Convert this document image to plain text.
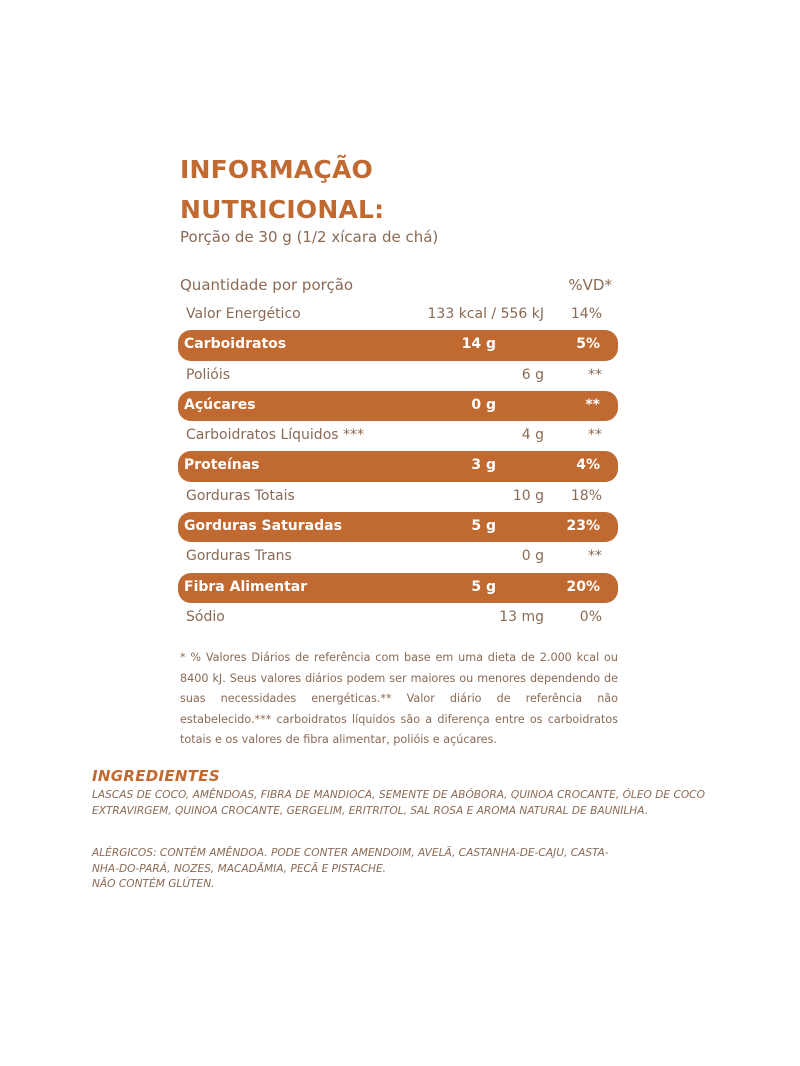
INFORMAÇÃO
NUTRICIONAL:
Porção de 30 g (1/2 xícara de chá)
Quantidade por porção	%VD*
Valor Energético	133 kcal / 556 kJ 14%
Carboidratos	14 g	5%
Polióis	6 g	**
Açúcares	0 g	**
Carboidratos Líquidos ***	4 g	**
Proteínas	3 g	4%
Gorduras Totais	10 g 18%
Gorduras Saturadas	5 g	23%
Gorduras Trans	0 g	**
Fibra Alimentar	5 g	20%
Sódio	13 mg	0%

* % Valores Diários de referência com base em uma dieta de 2.000 kcal ou 8400 kJ. Seus valores diários podem ser maiores ou menores dependendo de suas necessidades energéticas.** Valor diário de referência não estabelecido.*** carboidratos líquidos são a diferença entre os carboidratos totais e os valores de fibra alimentar, polióis e açúcares.

INGREDIENTES

LASCAS DE COCO, AMÊNDOAS, FIBRA DE MANDIOCA, SEMENTE DE ABÓBORA, QUINOA CROCANTE, ÓLEO DE COCO EXTRAVIRGEM, QUINOA CROCANTE, GERGELIM, ERITRITOL, SAL ROSA E AROMA NATURAL DE BAUNILHA.

ALÉRGICOS: CONTÉM AMÊNDOA. PODE CONTER AMENDOIM, AVELÃ, CASTANHA-DE-CAJU, CASTA-
NHA-DO-PARÁ, NOZES, MACADÂMIA, PECÃ E PISTACHE.
NÃO CONTÉM GLÚTEN.
